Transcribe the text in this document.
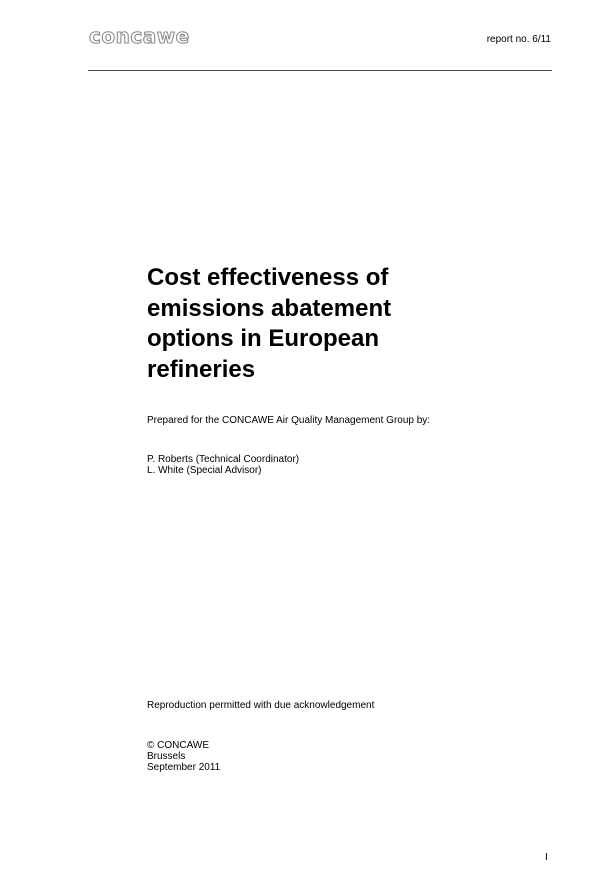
concawe	report no. 6/11
Cost effectiveness of emissions abatement options in European refineries

Prepared for the CONCAWE Air Quality Management Group by:

P. Roberts (Technical Coordinator)
L. White (Special Advisor)

Reproduction permitted with due acknowledgement

© CONCAWE
Brussels
September 2011
I
